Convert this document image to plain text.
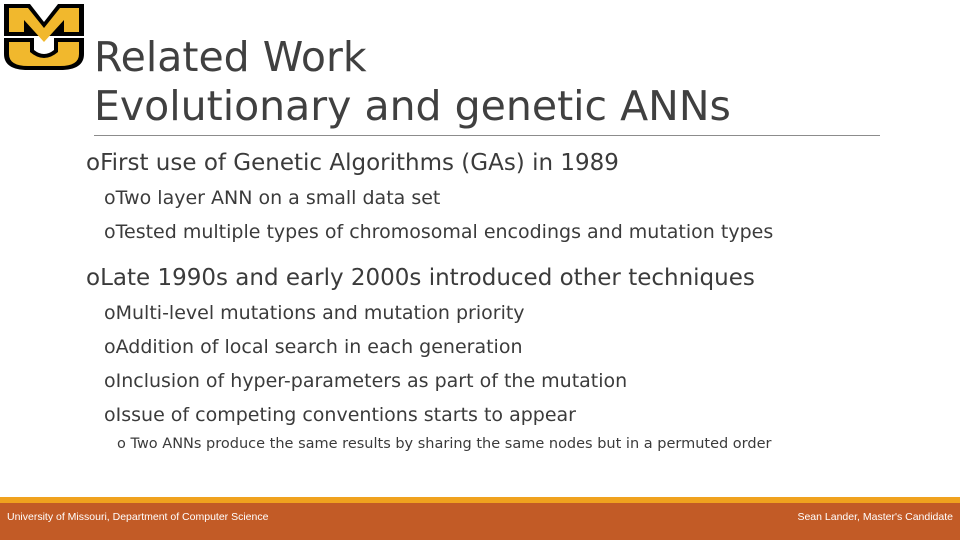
Related Work
Evolutionary and genetic ANNs
oFirst use of Genetic Algorithms (GAs) in 1989
oTwo layer ANN on a small data set
oTested multiple types of chromosomal encodings and mutation types
oLate 1990s and early 2000s introduced other techniques
oMulti-level mutations and mutation priority
oAddition of local search in each generation
oInclusion of hyper-parameters as part of the mutation
oIssue of competing conventions starts to appear
o Two ANNs produce the same results by sharing the same nodes but in a permuted order
University of Missouri, Department of Computer Science	Sean Lander, Master's Candidate
